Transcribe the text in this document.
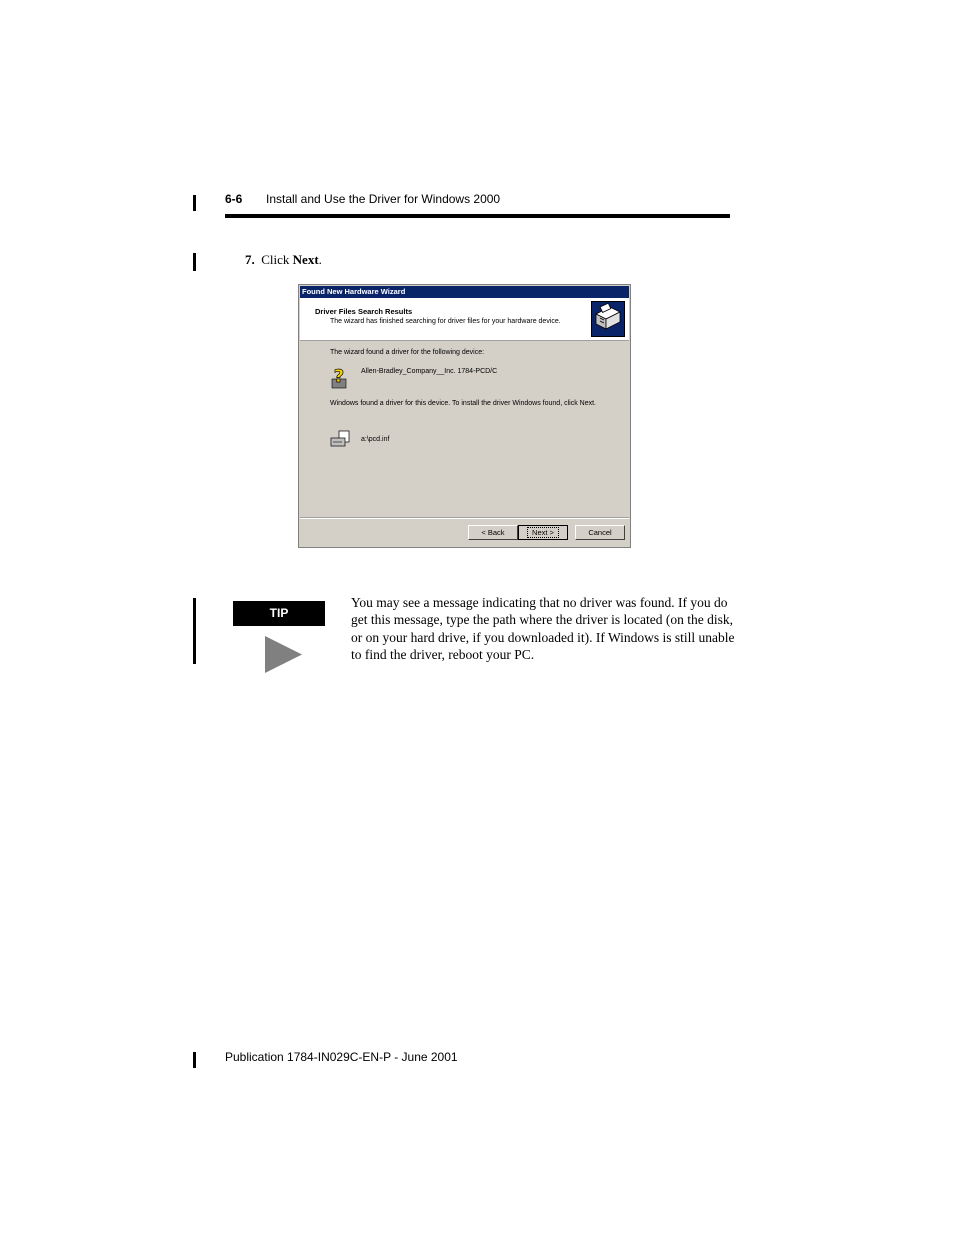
6-6 Install and Use the Driver for Windows 2000
7. Click Next.
Found New Hardware Wizard
Driver Files Search Results
The wizard has finished searching for driver files for your hardware device.
The wizard found a driver for the following device:
? Allen-Bradley_Company__Inc. 1784-PCD/C
Windows found a driver for this device. To install the driver Windows found, click Next.
a:\pcd.inf
< Back	Next >	Cancel
TIP
You may see a message indicating that no driver was found. If you do get this message, type the path where the driver is located (on the disk, or on your hard drive, if you downloaded it). If Windows is still unable to find the driver, reboot your PC.
Publication 1784-IN029C-EN-P - June 2001
